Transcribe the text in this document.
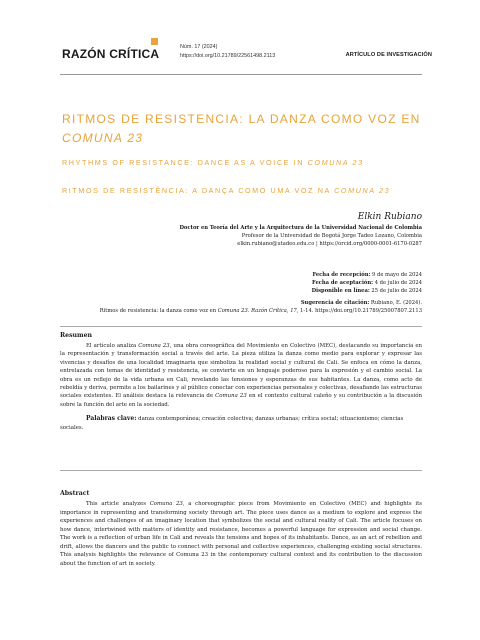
RAZÓN CRÍTICA	Núm. 17 (2024)
https://doi.org/10.21789/22561498.2113	ARTÍCULO DE INVESTIGACIÓN
RITMOS DE RESISTENCIA: LA DANZA COMO VOZ EN
COMUNA 23
RHYTHMS OF RESISTANCE: DANCE AS A VOICE IN COMUNA 23
RITMOS DE RESISTÊNCIA: A DANÇA COMO UMA VOZ NA COMUNA 23
Elkin Rubiano
Doctor en Teoría del Arte y la Arquitectura de la Universidad Nacional de Colombia
Profesor de la Universidad de Bogotá Jorge Tadeo Lozano, Colombia
elkin.rubiano@utadeo.edu.co | https://orcid.org/0000-0001-6170-0287
Fecha de recepción: 9 de mayo de 2024
Fecha de aceptación: 4 de julio de 2024
Disponible en línea: 25 de julio de 2024
Sugerencia de citación: Rubiano, E. (2024).
Ritmos de resistencia: la danza como voz en Comuna 23. Razón Crítica, 17, 1-14. https://doi.org/10.21789/25007807.2113
Resumen

El artículo analiza Comuna 23, una obra coreográfica del Movimiento en Colectivo (MEC), destacando su importancia en la representación y transformación social a través del arte. La pieza utiliza la danza como medio para explorar y expresar las vivencias y desafíos de una localidad imaginaria que simboliza la realidad social y cultural de Cali. Se enfoca en cómo la danza, entrelazada con temas de identidad y resistencia, se convierte en un lenguaje poderoso para la expresión y el cambio social. La obra es un reflejo de la vida urbana en Cali, revelando las tensiones y esperanzas de sus habitantes. La danza, como acto de rebeldía y deriva, permite a los bailarines y al público conectar con experiencias personales y colectivas, desafiando las estructuras sociales existentes. El análisis destaca la relevancia de Comuna 23 en el contexto cultural caleño y su contribución a la discusión sobre la función del arte en la sociedad.

Palabras clave: danza contemporánea; creación colectiva; danzas urbanas; crítica social; situacionismo; ciencias sociales.

Abstract

This article analyzes Comuna 23, a choreographic piece from Movimiento en Colectivo (MEC) and highlights its importance in representing and transforming society through art. The piece uses dance as a medium to explore and express the experiences and challenges of an imaginary location that symbolizes the social and cultural reality of Cali. The article focuses on how dance, intertwined with matters of identity and resistance, becomes a powerful language for expression and social change. The work is a reflection of urban life in Cali and reveals the tensions and hopes of its inhabitants. Dance, as an act of rebellion and drift, allows the dancers and the public to connect with personal and collective experiences, challenging existing social structures. This analysis highlights the relevance of Comuna 23 in the contemporary cultural context and its contribution to the discussion about the function of art in society.
